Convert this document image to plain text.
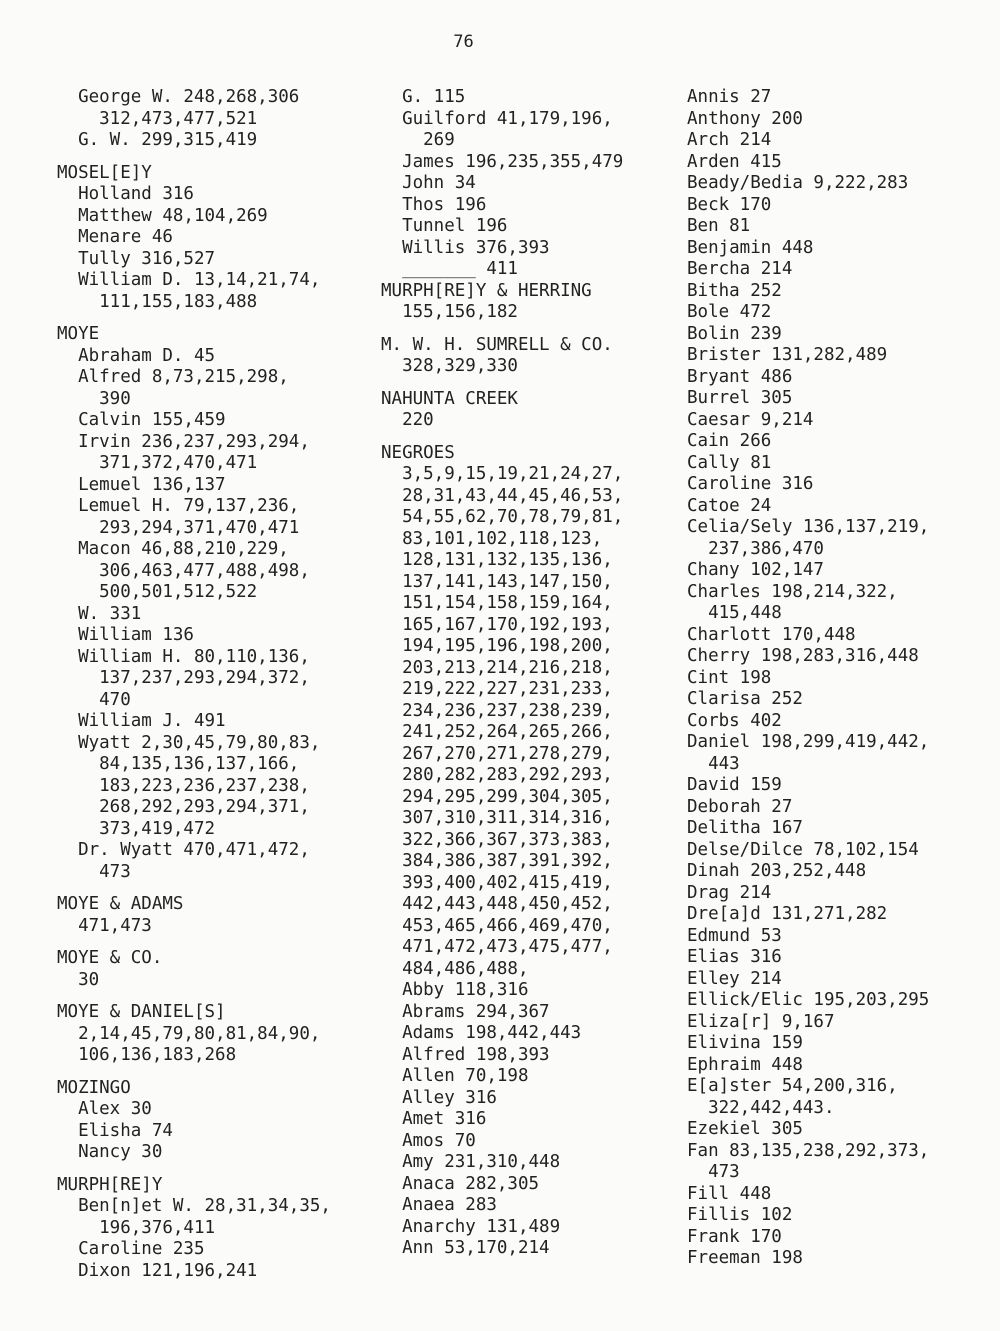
76
George W. 248,268,306
312,473,477,521
G. W. 299,315,419
MOSEL[E]Y
Holland 316
Matthew 48,104,269
Menare 46
Tully 316,527
William D. 13,14,21,74,
111,155,183,488
MOYE
Abraham D. 45
Alfred 8,73,215,298,
390
Calvin 155,459
Irvin 236,237,293,294,
371,372,470,471
Lemuel 136,137
Lemuel H. 79,137,236,
293,294,371,470,471
Macon 46,88,210,229,
306,463,477,488,498,
500,501,512,522
W. 331
William 136
William H. 80,110,136,
137,237,293,294,372,
470
William J. 491
Wyatt 2,30,45,79,80,83,
84,135,136,137,166,
183,223,236,237,238,
268,292,293,294,371,
373,419,472
Dr. Wyatt 470,471,472,
473
MOYE & ADAMS
471,473
MOYE & CO.
30
MOYE & DANIEL[S]
2,14,45,79,80,81,84,90,
106,136,183,268
MOZINGO
Alex 30
Elisha 74
Nancy 30
MURPH[RE]Y
Ben[n]et W. 28,31,34,35,
196,376,411
Caroline 235
Dixon 121,196,241
G. 115
Guilford 41,179,196,
269
James 196,235,355,479
John 34
Thos 196
Tunnel 196
Willis 376,393
_______ 411
MURPH[RE]Y & HERRING
155,156,182
M. W. H. SUMRELL & CO.
328,329,330
NAHUNTA CREEK
220
NEGROES
3,5,9,15,19,21,24,27,
28,31,43,44,45,46,53,
54,55,62,70,78,79,81,
83,101,102,118,123,
128,131,132,135,136,
137,141,143,147,150,
151,154,158,159,164,
165,167,170,192,193,
194,195,196,198,200,
203,213,214,216,218,
219,222,227,231,233,
234,236,237,238,239,
241,252,264,265,266,
267,270,271,278,279,
280,282,283,292,293,
294,295,299,304,305,
307,310,311,314,316,
322,366,367,373,383,
384,386,387,391,392,
393,400,402,415,419,
442,443,448,450,452,
453,465,466,469,470,
471,472,473,475,477,
484,486,488,
Abby 118,316
Abrams 294,367
Adams 198,442,443
Alfred 198,393
Allen 70,198
Alley 316
Amet 316
Amos 70
Amy 231,310,448
Anaca 282,305
Anaea 283
Anarchy 131,489
Ann 53,170,214
Annis 27
Anthony 200
Arch 214
Arden 415
Beady/Bedia 9,222,283
Beck 170
Ben 81
Benjamin 448
Bercha 214
Bitha 252
Bole 472
Bolin 239
Brister 131,282,489
Bryant 486
Burrel 305
Caesar 9,214
Cain 266
Cally 81
Caroline 316
Catoe 24
Celia/Sely 136,137,219,
237,386,470
Chany 102,147
Charles 198,214,322,
415,448
Charlott 170,448
Cherry 198,283,316,448
Cint 198
Clarisa 252
Corbs 402
Daniel 198,299,419,442,
443
David 159
Deborah 27
Delitha 167
Delse/Dilce 78,102,154
Dinah 203,252,448
Drag 214
Dre[a]d 131,271,282
Edmund 53
Elias 316
Elley 214
Ellick/Elic 195,203,295
Eliza[r] 9,167
Elivina 159
Ephraim 448
E[a]ster 54,200,316,
322,442,443.
Ezekiel 305
Fan 83,135,238,292,373,
473
Fill 448
Fillis 102
Frank 170
Freeman 198
